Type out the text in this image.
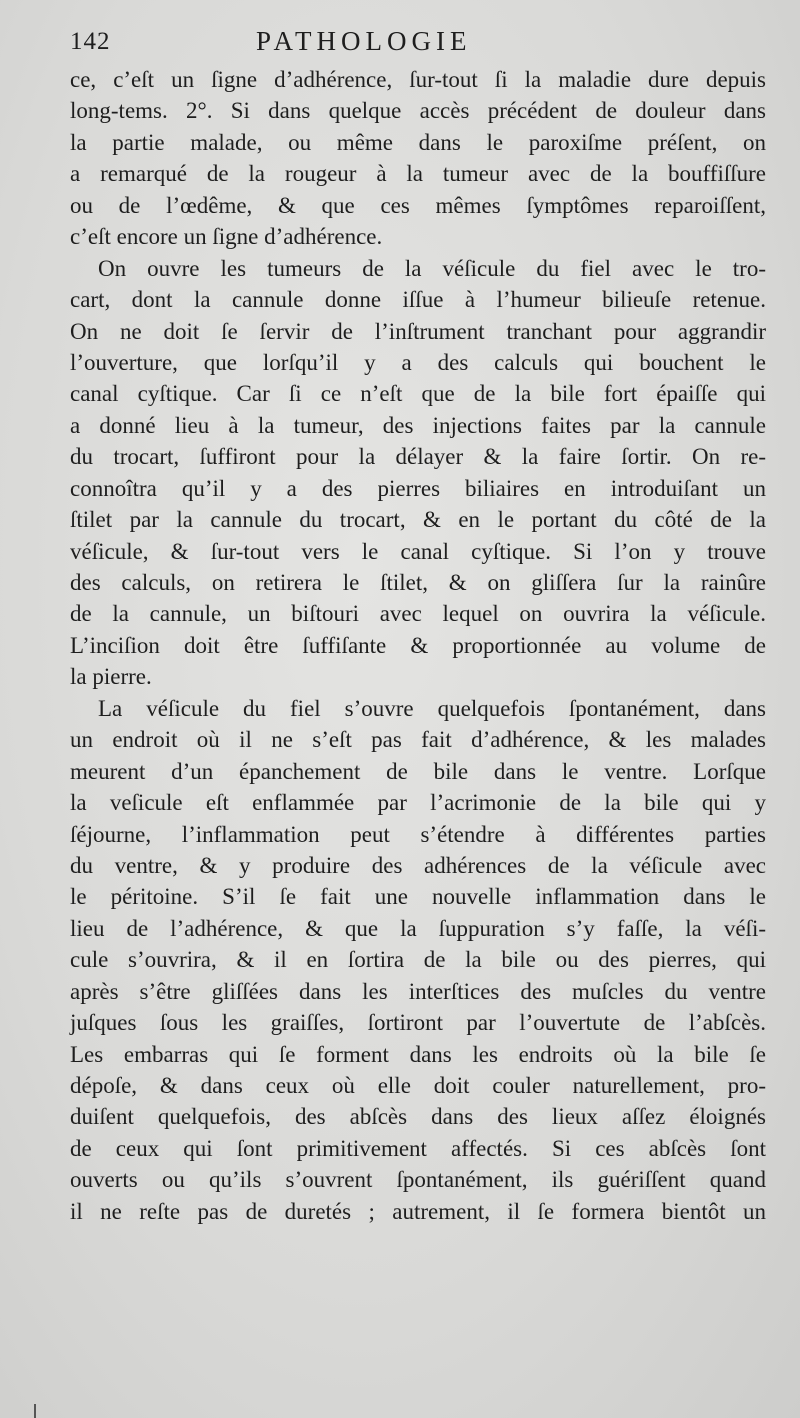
142	PATHOLOGIE
ce, c’eſt un ſigne d’adhérence, ſur-tout ſi la maladie dure depuis
long-tems. 2°. Si dans quelque accès précédent de douleur dans
la partie malade, ou même dans le paroxiſme préſent, on
a remarqué de la rougeur à la tumeur avec de la bouffiſſure
ou de l’œdême, & que ces mêmes ſymptômes reparoiſſent,
c’eſt encore un ſigne d’adhérence.
On ouvre les tumeurs de la véſicule du fiel avec le tro-
cart, dont la cannule donne iſſue à l’humeur bilieuſe retenue.
On ne doit ſe ſervir de l’inſtrument tranchant pour aggrandir
l’ouverture, que lorſqu’il y a des calculs qui bouchent le
canal cyſtique. Car ſi ce n’eſt que de la bile fort épaiſſe qui
a donné lieu à la tumeur, des injections faites par la cannule
du trocart, ſuffiront pour la délayer & la faire ſortir. On re-
connoîtra qu’il y a des pierres biliaires en introduiſant un
ſtilet par la cannule du trocart, & en le portant du côté de la
véſicule, & ſur-tout vers le canal cyſtique. Si l’on y trouve
des calculs, on retirera le ſtilet, & on gliſſera ſur la rainûre
de la cannule, un biſtouri avec lequel on ouvrira la véſicule.
L’inciſion doit être ſuffiſante & proportionnée au volume de
la pierre.
La véſicule du fiel s’ouvre quelquefois ſpontanément, dans
un endroit où il ne s’eſt pas fait d’adhérence, & les malades
meurent d’un épanchement de bile dans le ventre. Lorſque
la veſicule eſt enflammée par l’acrimonie de la bile qui y
ſéjourne, l’inflammation peut s’étendre à différentes parties
du ventre, & y produire des adhérences de la véſicule avec
le péritoine. S’il ſe fait une nouvelle inflammation dans le
lieu de l’adhérence, & que la ſuppuration s’y faſſe, la véſi-
cule s’ouvrira, & il en ſortira de la bile ou des pierres, qui
après s’être gliſſées dans les interſtices des muſcles du ventre
juſques ſous les graiſſes, ſortiront par l’ouvertute de l’abſcès.
Les embarras qui ſe forment dans les endroits où la bile ſe
dépoſe, & dans ceux où elle doit couler naturellement, pro-
duiſent quelquefois, des abſcès dans des lieux aſſez éloignés
de ceux qui ſont primitivement affectés. Si ces abſcès ſont
ouverts ou qu’ils s’ouvrent ſpontanément, ils guériſſent quand
il ne reſte pas de duretés ; autrement, il ſe formera bientôt un
